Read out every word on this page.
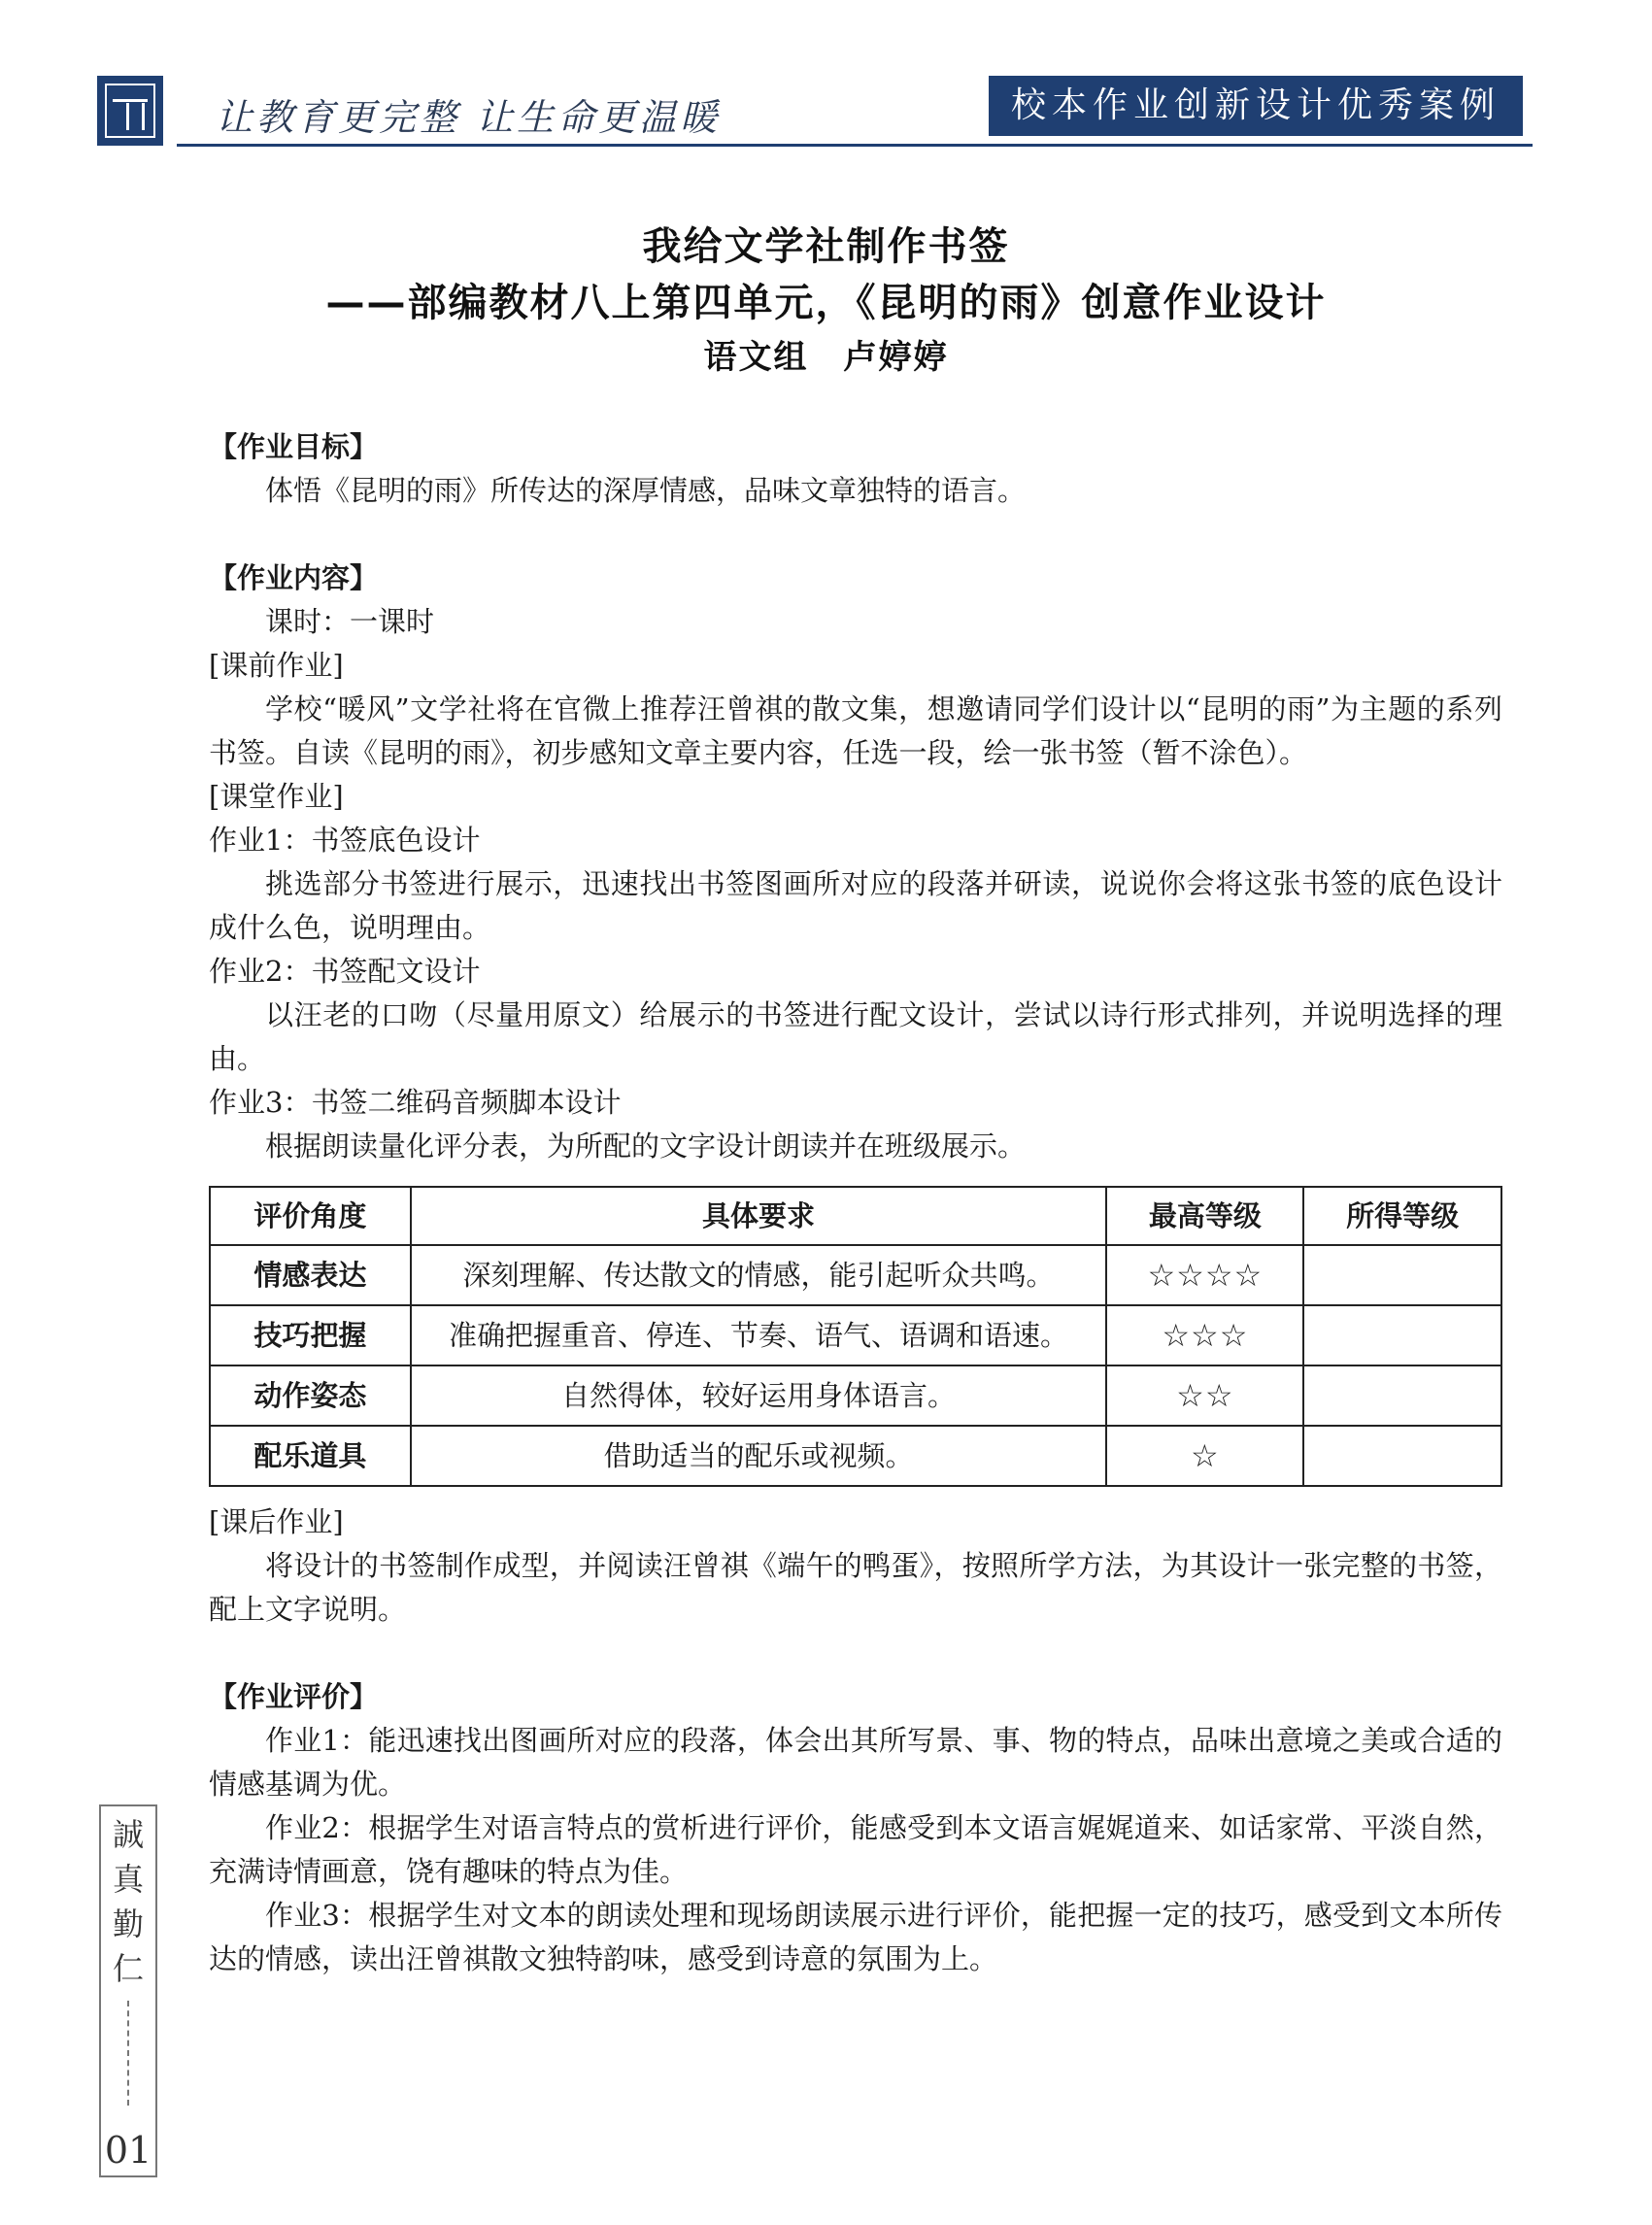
让教育更完整 让生命更温暖	校本作业创新设计优秀案例
我给文学社制作书签
——部编教材八上第四单元，《昆明的雨》创意作业设计
语文组　卢婷婷

【作业目标】

体悟《昆明的雨》所传达的深厚情感，品味文章独特的语言。

【作业内容】

课时：一课时

[课前作业]

学校“暖风”文学社将在官微上推荐汪曾祺的散文集，想邀请同学们设计以“昆明的雨”为主题的系列书签。自读《昆明的雨》，初步感知文章主要内容，任选一段，绘一张书签（暂不涂色）。

[课堂作业]

作业1：书签底色设计

挑选部分书签进行展示，迅速找出书签图画所对应的段落并研读，说说你会将这张书签的底色设计成什么色，说明理由。

作业2：书签配文设计

以汪老的口吻（尽量用原文）给展示的书签进行配文设计，尝试以诗行形式排列，并说明选择的理由。

作业3：书签二维码音频脚本设计

根据朗读量化评分表，为所配的文字设计朗读并在班级展示。

评价角度	具体要求	最高等级	所得等级
情感表达	深刻理解、传达散文的情感，能引起听众共鸣。	☆☆☆☆	
技巧把握	准确把握重音、停连、节奏、语气、语调和语速。	☆☆☆	
动作姿态	自然得体，较好运用身体语言。	☆☆	
配乐道具	借助适当的配乐或视频。	☆	

[课后作业]

将设计的书签制作成型，并阅读汪曾祺《端午的鸭蛋》，按照所学方法，为其设计一张完整的书签，配上文字说明。

【作业评价】

作业1：能迅速找出图画所对应的段落，体会出其所写景、事、物的特点，品味出意境之美或合适的情感基调为优。

作业2：根据学生对语言特点的赏析进行评价，能感受到本文语言娓娓道来、如话家常、平淡自然，充满诗情画意，饶有趣味的特点为佳。

作业3：根据学生对文本的朗读处理和现场朗读展示进行评价，能把握一定的技巧，感受到文本所传达的情感，读出汪曾祺散文独特韵味，感受到诗意的氛围为上。

誠
真
勤
仁
01
